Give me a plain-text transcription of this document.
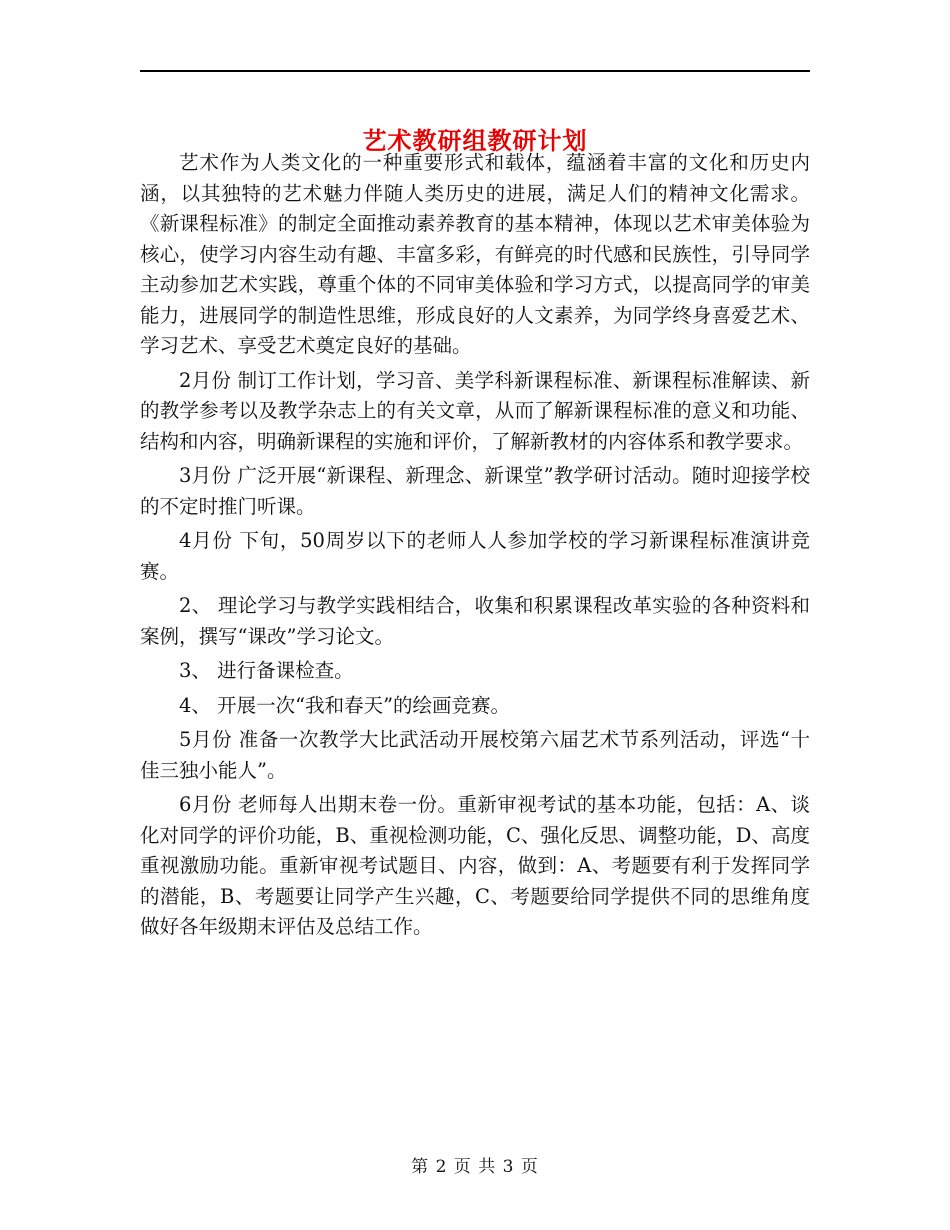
艺术教研组教研计划

艺术作为人类文化的一种重要形式和载体，蕴涵着丰富的文化和历史内涵，以其独特的艺术魅力伴随人类历史的进展，满足人们的精神文化需求。《新课程标准》的制定全面推动素养教育的基本精神，体现以艺术审美体验为核心，使学习内容生动有趣、丰富多彩，有鲜亮的时代感和民族性，引导同学主动参加艺术实践，尊重个体的不同审美体验和学习方式，以提高同学的审美能力，进展同学的制造性思维，形成良好的人文素养，为同学终身喜爱艺术、学习艺术、享受艺术奠定良好的基础。

2月份 制订工作计划，学习音、美学科新课程标准、新课程标准解读、新的教学参考以及教学杂志上的有关文章，从而了解新课程标准的意义和功能、结构和内容，明确新课程的实施和评价，了解新教材的内容体系和教学要求。

3月份 广泛开展“新课程、新理念、新课堂”教学研讨活动。随时迎接学校的不定时推门听课。

4月份 下旬，50周岁以下的老师人人参加学校的学习新课程标准演讲竞赛。

2、 理论学习与教学实践相结合，收集和积累课程改革实验的各种资料和案例，撰写“课改”学习论文。

3、 进行备课检查。

4、 开展一次“我和春天”的绘画竞赛。

5月份 准备一次教学大比武活动开展校第六届艺术节系列活动，评选“十佳三独小能人”。

6月份 老师每人出期末卷一份。重新审视考试的基本功能，包括：A、谈化对同学的评价功能，B、重视检测功能，C、强化反思、调整功能，D、高度重视激励功能。重新审视考试题目、内容，做到：A、考题要有利于发挥同学的潜能，B、考题要让同学产生兴趣，C、考题要给同学提供不同的思维角度 做好各年级期末评估及总结工作。

第 2 页 共 3 页
